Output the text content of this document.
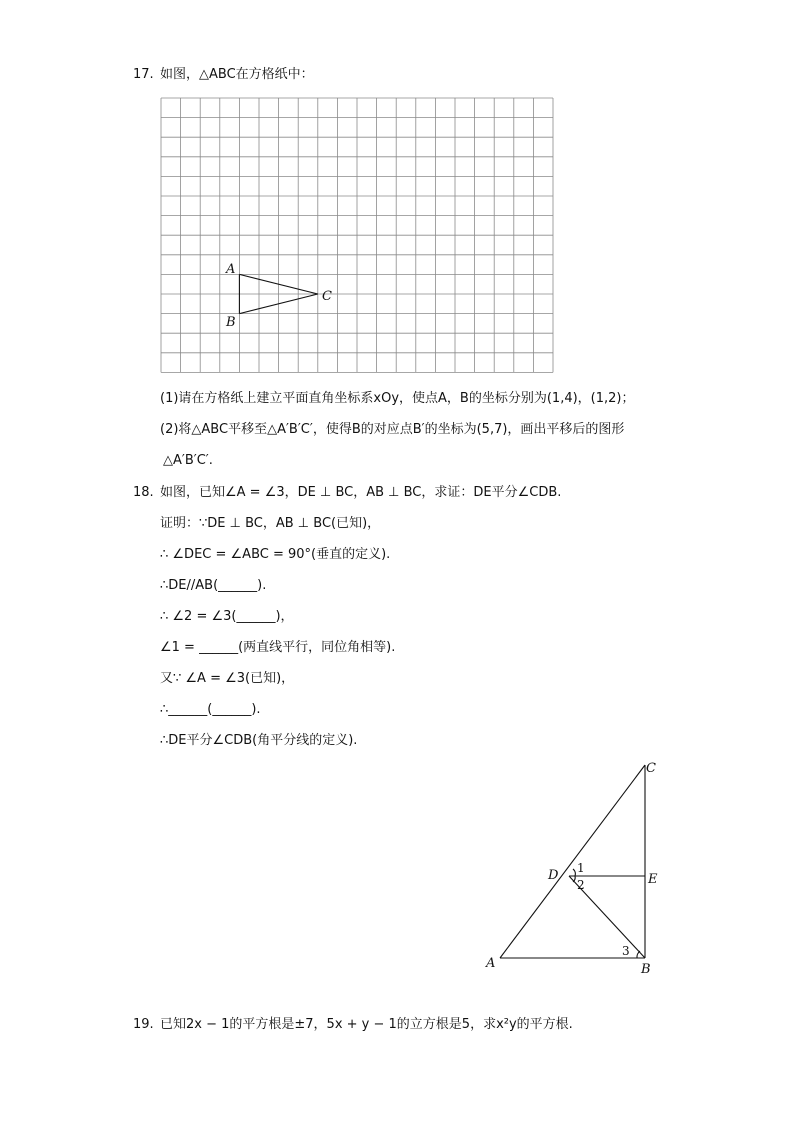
17. 如图，△ABC在方格纸中：
A
B
C
(1)请在方格纸上建立平面直角坐标系xOy，使点A，B的坐标分别为(1,4)，(1,2)；
(2)将△ABC平移至△A′B′C′，使得B的对应点B′的坐标为(5,7)，画出平移后的图形
△A′B′C′.
18. 如图，已知∠A = ∠3，DE ⊥ BC，AB ⊥ BC，求证：DE平分∠CDB.
证明：∵DE ⊥ BC，AB ⊥ BC(已知)，
∴ ∠DEC = ∠ABC = 90°(垂直的定义).
∴DE//AB(______).
∴ ∠2 = ∠3(______)，
∠1 = ______(两直线平行，同位角相等).
又∵ ∠A = ∠3(已知)，
∴______(______).
∴DE平分∠CDB(角平分线的定义).
C
D	E
A	B
1
2
3
19. 已知2x − 1的平方根是±7，5x + y − 1的立方根是5，求x²y的平方根.
